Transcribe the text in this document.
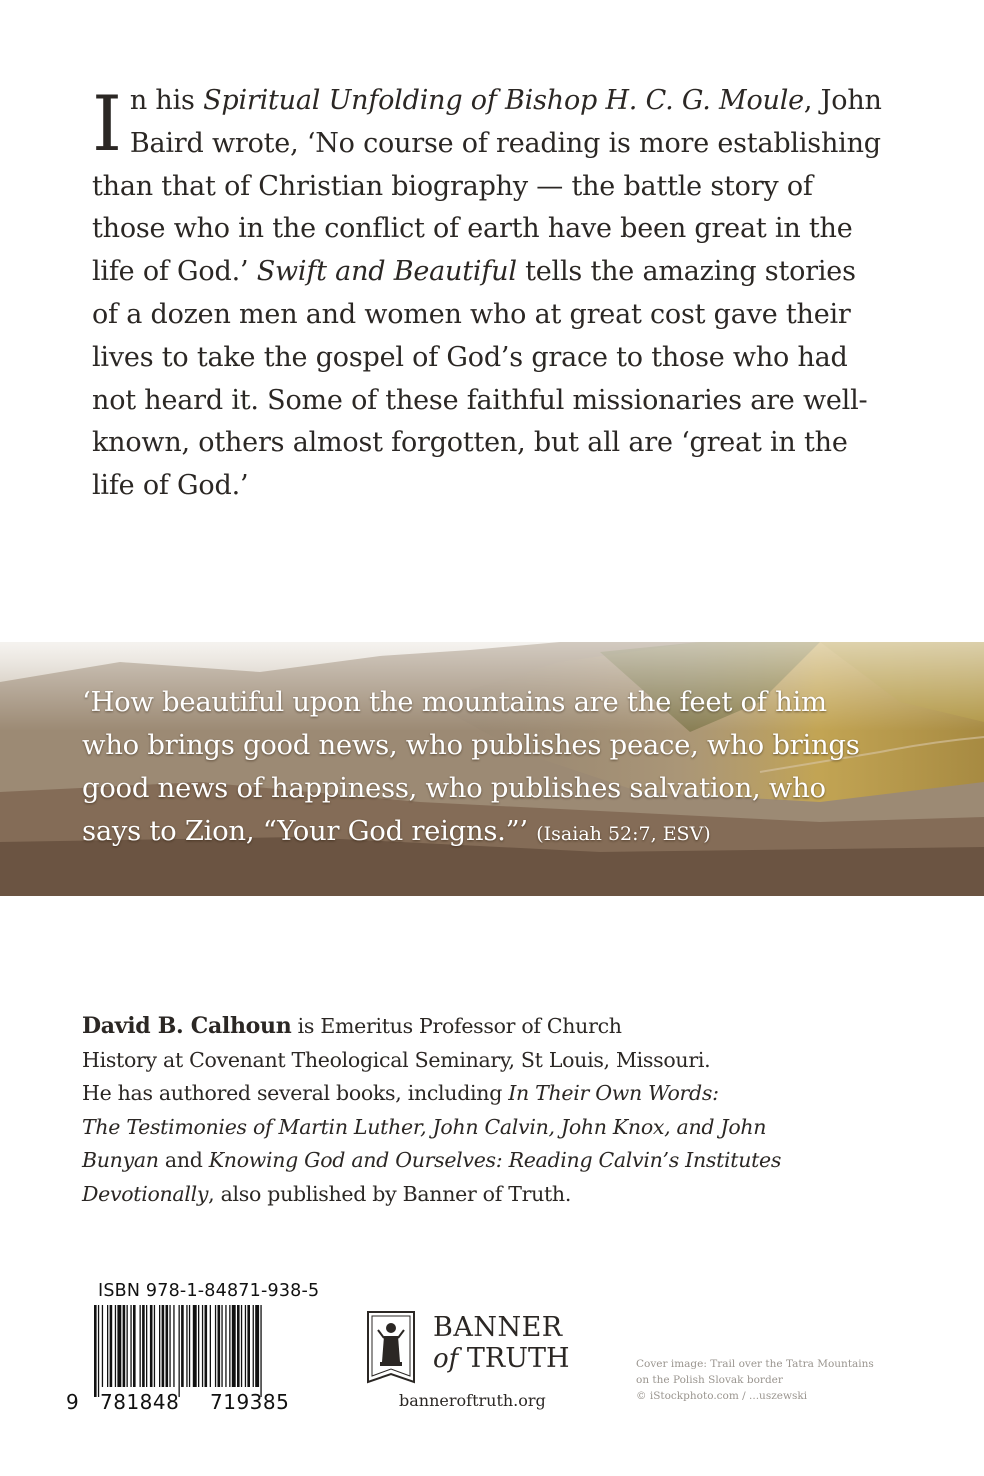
I n his Spiritual Unfolding of Bishop H. C. G. Moule, John
Baird wrote, ‘No course of reading is more establishing
than that of Christian biography — the battle story of
those who in the conflict of earth have been great in the
life of God.’ Swift and Beautiful tells the amazing stories
of a dozen men and women who at great cost gave their
lives to take the gospel of God’s grace to those who had
not heard it. Some of these faithful missionaries are well-
known, others almost forgotten, but all are ‘great in the
life of God.’
‘How beautiful upon the mountains are the feet of him
who brings good news, who publishes peace, who brings
good news of happiness, who publishes salvation, who
says to Zion, “Your God reigns.”’ (Isaiah 52:7, ESV)
David B. Calhoun is Emeritus Professor of Church
History at Covenant Theological Seminary, St Louis, Missouri.
He has authored several books, including In Their Own Words:
The Testimonies of Martin Luther, John Calvin, John Knox, and John
Bunyan and Knowing God and Ourselves: Reading Calvin’s Institutes
Devotionally, also published by Banner of Truth.
ISBN 978-1-84871-938-5
9 781848 719385
BANNER
of TRUTH
banneroftruth.org
Cover image: Trail over the Tatra Mountains
on the Polish Slovak border
© iStockphoto.com / ...uszewski
